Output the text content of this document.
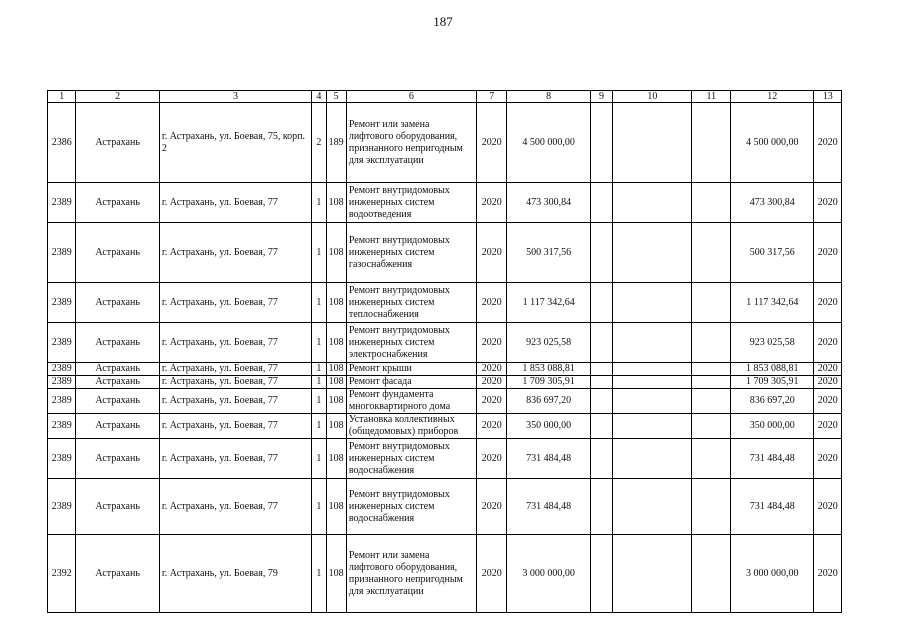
187
1	2	3	4	5	6	7	8	9	10	11	12	13
2386	Астрахань	г. Астрахань, ул. Боевая, 75, корп. 2	2	189	Ремонт или замена лифтового оборудования, признанного непригодным для эксплуатации	2020	4 500 000,00				4 500 000,00	2020
2389	Астрахань	г. Астрахань, ул. Боевая, 77	1	108	Ремонт внутридомовых инженерных систем водоотведения	2020	473 300,84				473 300,84	2020
2389	Астрахань	г. Астрахань, ул. Боевая, 77	1	108	Ремонт внутридомовых инженерных систем газоснабжения	2020	500 317,56				500 317,56	2020
2389	Астрахань	г. Астрахань, ул. Боевая, 77	1	108	Ремонт внутридомовых инженерных систем теплоснабжения	2020	1 117 342,64				1 117 342,64	2020
2389	Астрахань	г. Астрахань, ул. Боевая, 77	1	108	Ремонт внутридомовых инженерных систем электроснабжения	2020	923 025,58				923 025,58	2020
2389	Астрахань	г. Астрахань, ул. Боевая, 77	1	108	Ремонт крыши	2020	1 853 088,81				1 853 088,81	2020
2389	Астрахань	г. Астрахань, ул. Боевая, 77	1	108	Ремонт фасада	2020	1 709 305,91				1 709 305,91	2020
2389	Астрахань	г. Астрахань, ул. Боевая, 77	1	108	Ремонт фундамента многоквартирного дома	2020	836 697,20				836 697,20	2020
2389	Астрахань	г. Астрахань, ул. Боевая, 77	1	108	Установка коллективных (общедомовых) приборов	2020	350 000,00				350 000,00	2020
2389	Астрахань	г. Астрахань, ул. Боевая, 77	1	108	Ремонт внутридомовых инженерных систем водоснабжения	2020	731 484,48				731 484,48	2020
2389	Астрахань	г. Астрахань, ул. Боевая, 77	1	108	Ремонт внутридомовых инженерных систем водоснабжения	2020	731 484,48				731 484,48	2020
2392	Астрахань	г. Астрахань, ул. Боевая, 79	1	108	Ремонт или замена лифтового оборудования, признанного непригодным для эксплуатации	2020	3 000 000,00				3 000 000,00	2020
